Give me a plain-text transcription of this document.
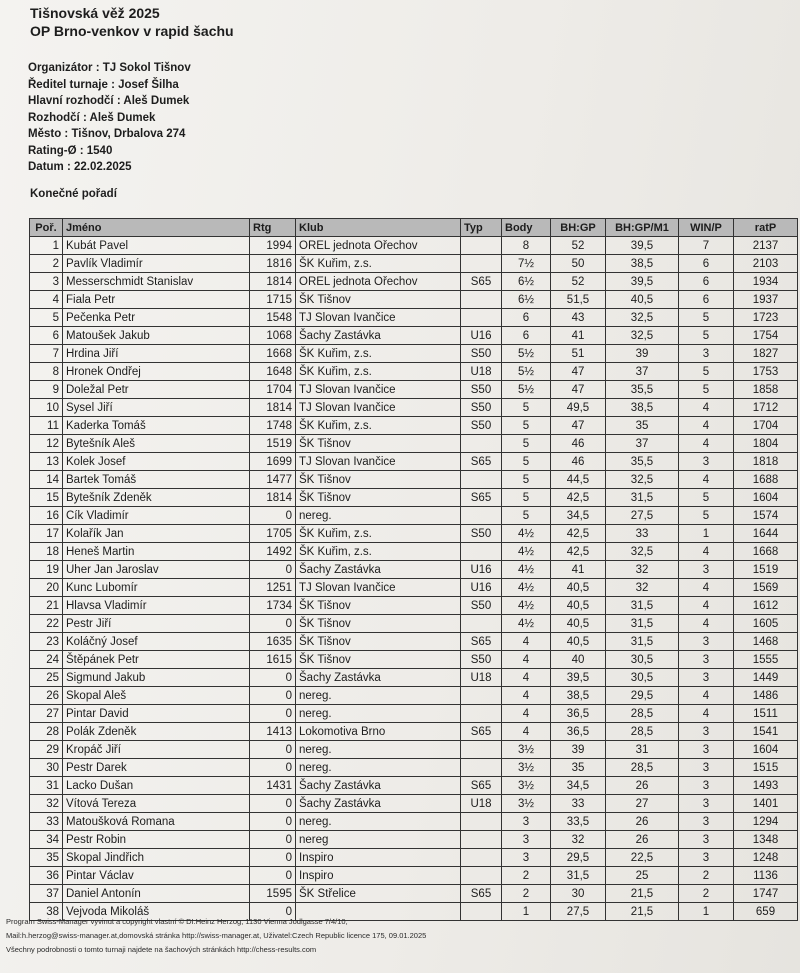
Tišnovská věž 2025
OP Brno-venkov v rapid šachu
Organizátor : TJ Sokol Tišnov
Ředitel turnaje : Josef Šilha
Hlavní rozhodčí : Aleš Dumek
Rozhodčí : Aleš Dumek
Město : Tišnov, Drbalova 274
Rating-Ø : 1540
Datum : 22.02.2025
Konečné pořadí
Poř.	Jméno	Rtg	Klub	Typ	Body	BH:GP	BH:GP/M1	WIN/P	ratP
1	Kubát Pavel	1994	OREL jednota Ořechov		8	52	39,5	7	2137
2	Pavlík Vladimír	1816	ŠK Kuřim, z.s.		7½	50	38,5	6	2103
3	Messerschmidt Stanislav	1814	OREL jednota Ořechov	S65	6½	52	39,5	6	1934
4	Fiala Petr	1715	ŠK Tišnov		6½	51,5	40,5	6	1937
5	Pečenka Petr	1548	TJ Slovan Ivančice		6	43	32,5	5	1723
6	Matoušek Jakub	1068	Šachy Zastávka	U16	6	41	32,5	5	1754
7	Hrdina Jiří	1668	ŠK Kuřim, z.s.	S50	5½	51	39	3	1827
8	Hronek Ondřej	1648	ŠK Kuřim, z.s.	U18	5½	47	37	5	1753
9	Doležal Petr	1704	TJ Slovan Ivančice	S50	5½	47	35,5	5	1858
10	Sysel Jiří	1814	TJ Slovan Ivančice	S50	5	49,5	38,5	4	1712
11	Kaderka Tomáš	1748	ŠK Kuřim, z.s.	S50	5	47	35	4	1704
12	Bytešník Aleš	1519	ŠK Tišnov		5	46	37	4	1804
13	Kolek Josef	1699	TJ Slovan Ivančice	S65	5	46	35,5	3	1818
14	Bartek Tomáš	1477	ŠK Tišnov		5	44,5	32,5	4	1688
15	Bytešník Zdeněk	1814	ŠK Tišnov	S65	5	42,5	31,5	5	1604
16	Cík Vladimír	0	nereg.		5	34,5	27,5	5	1574
17	Kolařík Jan	1705	ŠK Kuřim, z.s.	S50	4½	42,5	33	1	1644
18	Heneš Martin	1492	ŠK Kuřim, z.s.		4½	42,5	32,5	4	1668
19	Uher Jan Jaroslav	0	Šachy Zastávka	U16	4½	41	32	3	1519
20	Kunc Lubomír	1251	TJ Slovan Ivančice	U16	4½	40,5	32	4	1569
21	Hlavsa Vladimír	1734	ŠK Tišnov	S50	4½	40,5	31,5	4	1612
22	Pestr Jiří	0	ŠK Tišnov		4½	40,5	31,5	4	1605
23	Koláčný Josef	1635	ŠK Tišnov	S65	4	40,5	31,5	3	1468
24	Štěpánek Petr	1615	ŠK Tišnov	S50	4	40	30,5	3	1555
25	Sigmund Jakub	0	Šachy Zastávka	U18	4	39,5	30,5	3	1449
26	Skopal Aleš	0	nereg.		4	38,5	29,5	4	1486
27	Pintar David	0	nereg.		4	36,5	28,5	4	1511
28	Polák Zdeněk	1413	Lokomotiva Brno	S65	4	36,5	28,5	3	1541
29	Kropáč Jiří	0	nereg.		3½	39	31	3	1604
30	Pestr Darek	0	nereg.		3½	35	28,5	3	1515
31	Lacko Dušan	1431	Šachy Zastávka	S65	3½	34,5	26	3	1493
32	Vítová Tereza	0	Šachy Zastávka	U18	3½	33	27	3	1401
33	Matoušková Romana	0	nereg.		3	33,5	26	3	1294
34	Pestr Robin	0	nereg		3	32	26	3	1348
35	Skopal Jindřich	0	Inspiro		3	29,5	22,5	3	1248
36	Pintar Václav	0	Inspiro		2	31,5	25	2	1136
37	Daniel Antonín	1595	ŠK Střelice	S65	2	30	21,5	2	1747
38	Vejvoda Mikoláš	0			1	27,5	21,5	1	659
Program Swiss-Manager vyvinut a copyright vlastní © DI.Heinz Herzog, 1130 Vienna Jodlgasse 7/4/10,
Mail:h.herzog@swiss-manager.at,domovská stránka http://swiss-manager.at, Uživatel:Czech Republic licence 175, 09.01.2025
Všechny podrobnosti o tomto turnaji najdete na šachových stránkách http://chess-results.com
